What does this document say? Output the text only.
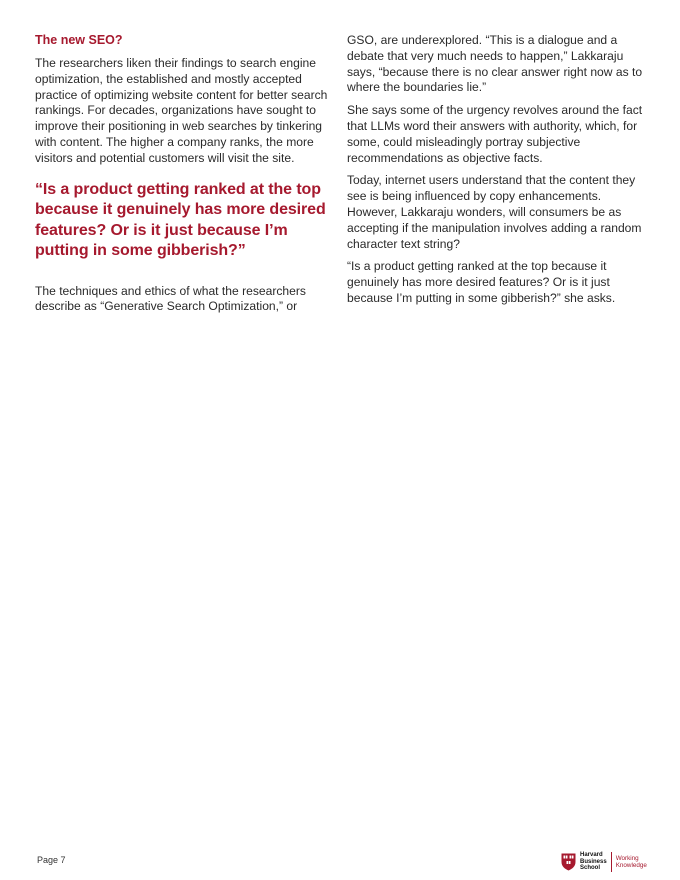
The new SEO?

The researchers liken their findings to search engine optimization, the established and mostly accepted practice of optimizing website content for better search rankings. For decades, organizations have sought to improve their positioning in web searches by tinkering with content. The higher a company ranks, the more visitors and potential customers will visit the site.

“Is a product getting ranked at the top because it genuinely has more desired features? Or is it just because I’m putting in some gibberish?”

The techniques and ethics of what the researchers describe as “Generative Search Optimization,” or

GSO, are underexplored. “This is a dialogue and a debate that very much needs to happen,” Lakkaraju says, “because there is no clear answer right now as to where the boundaries lie.”

She says some of the urgency revolves around the fact that LLMs word their answers with authority, which, for some, could misleadingly portray subjective recommendations as objective facts.

Today, internet users understand that the content they see is being influenced by copy enhancements. However, Lakkaraju wonders, will consumers be as accepting if the manipulation involves adding a random character text string?

“Is a product getting ranked at the top because it genuinely has more desired features? Or is it just because I’m putting in some gibberish?” she asks.

Page 7	Harvard
Business
School
Working
Knowledge
